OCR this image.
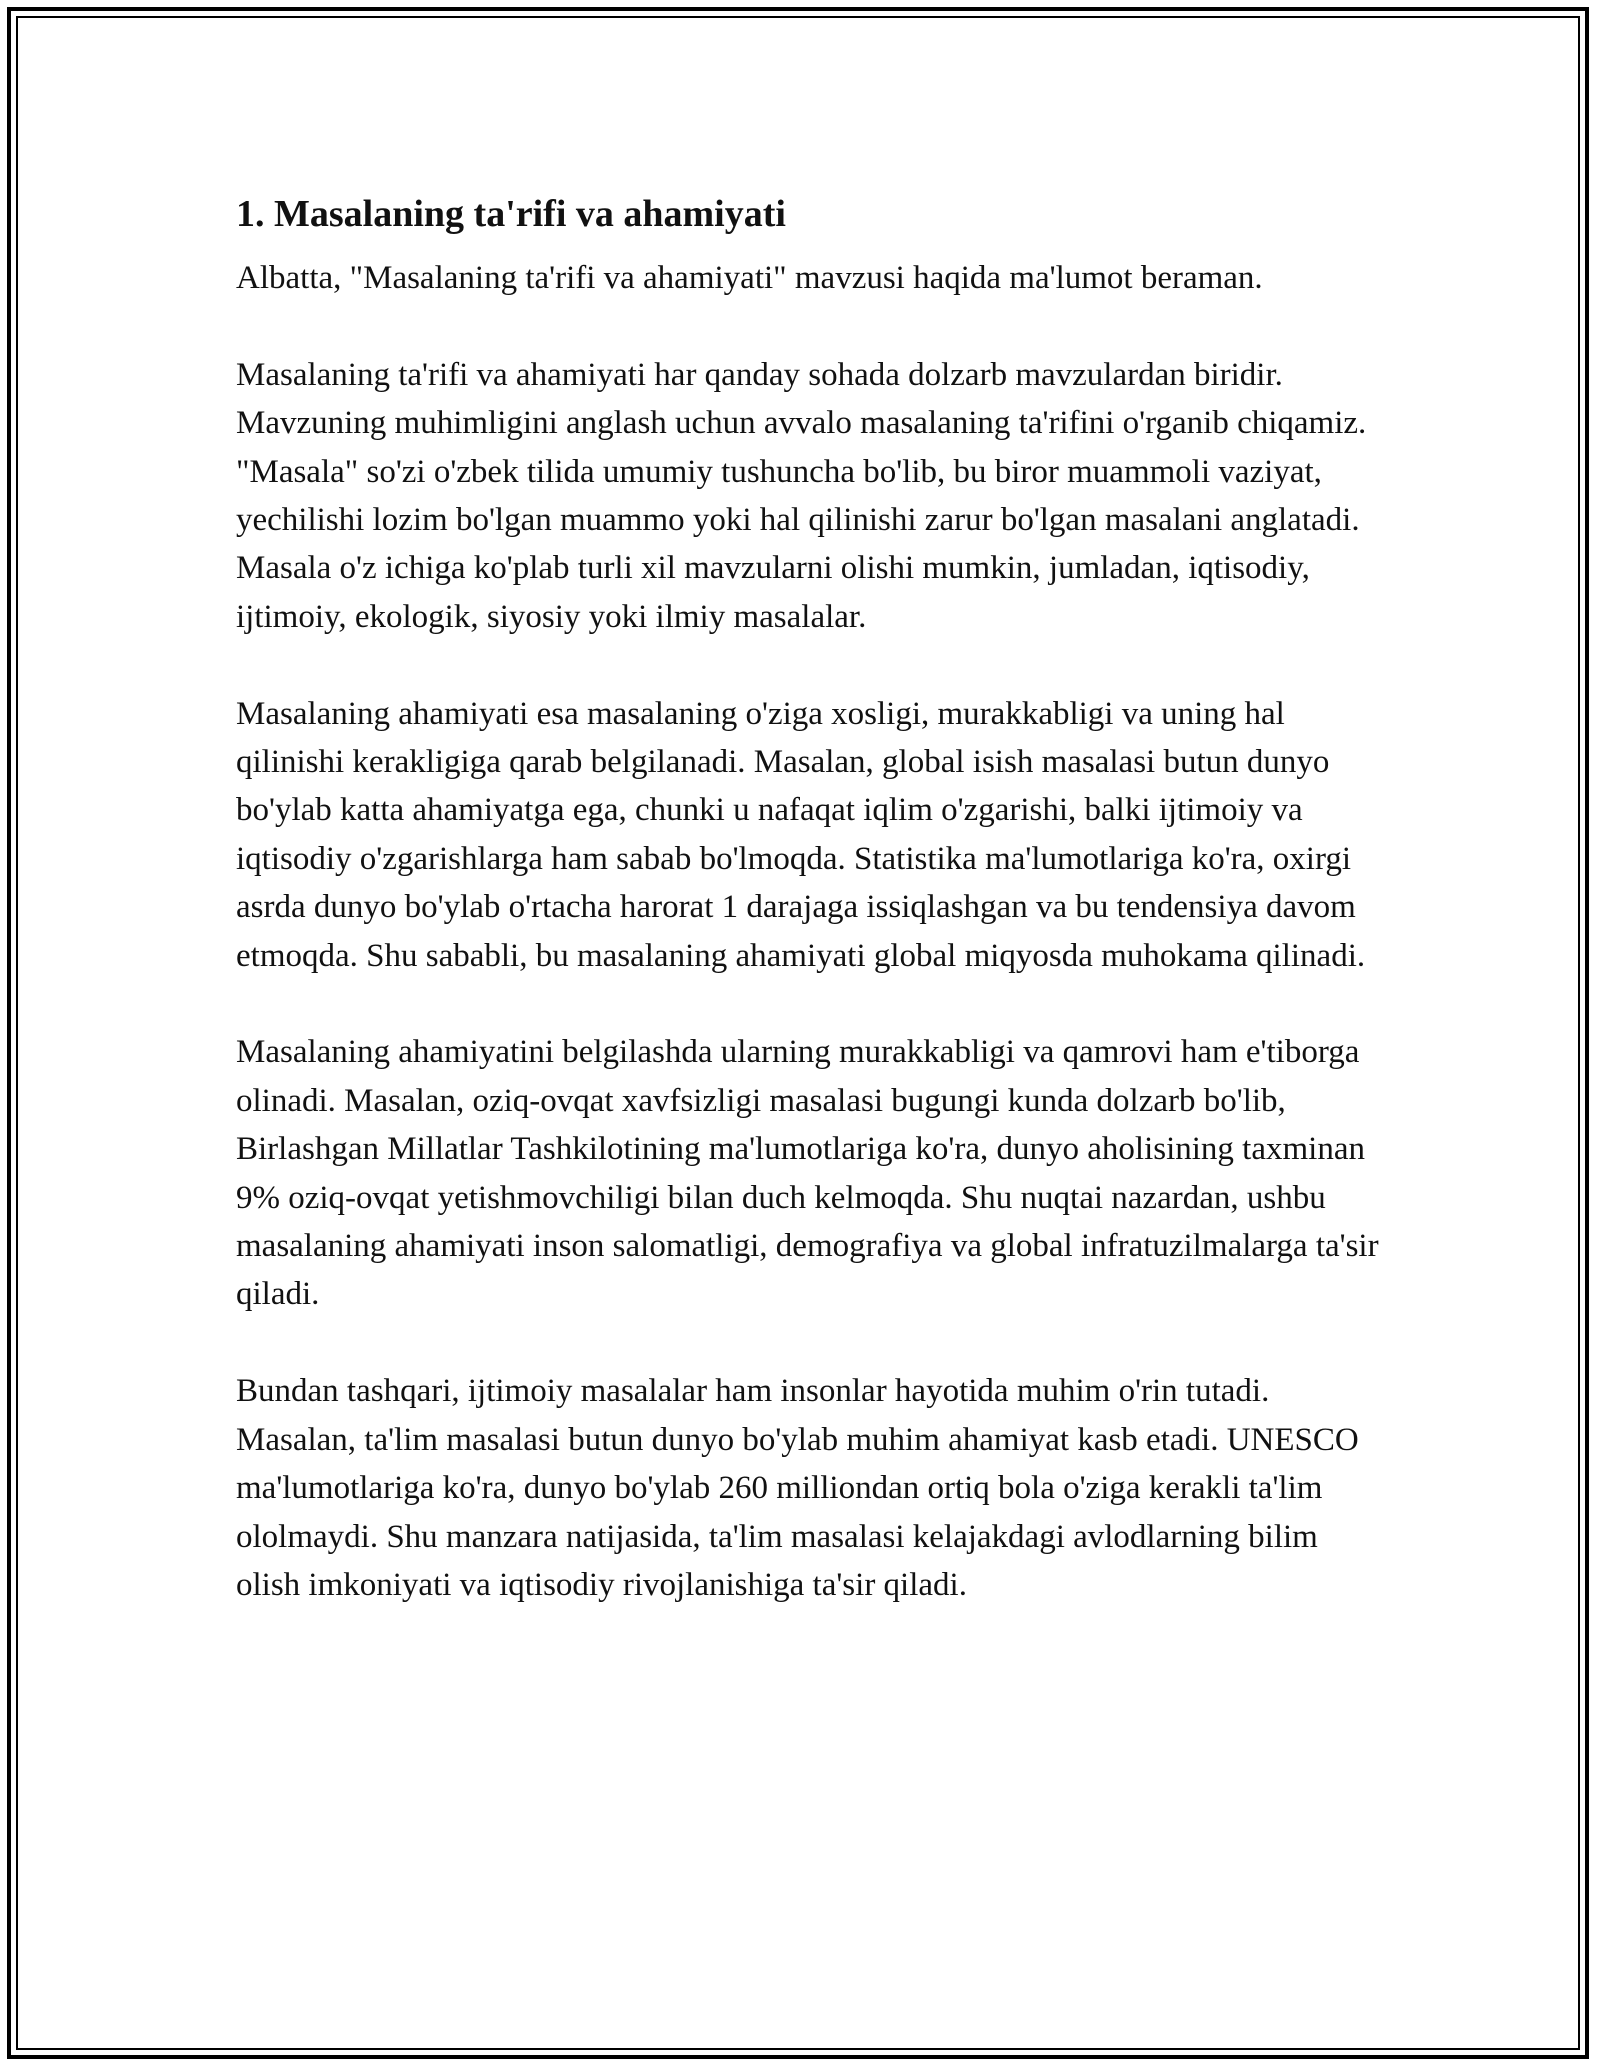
1. Masalaning ta'rifi va ahamiyati

Albatta, "Masalaning ta'rifi va ahamiyati" mavzusi haqida ma'lumot beraman.

Masalaning ta'rifi va ahamiyati har qanday sohada dolzarb mavzulardan biridir. Mavzuning muhimligini anglash uchun avvalo masalaning ta'rifini o'rganib chiqamiz. "Masala" so'zi o'zbek tilida umumiy tushuncha bo'lib, bu biror muammoli vaziyat, yechilishi lozim bo'lgan muammo yoki hal qilinishi zarur bo'lgan masalani anglatadi. Masala o'z ichiga ko'plab turli xil mavzularni olishi mumkin, jumladan, iqtisodiy, ijtimoiy, ekologik, siyosiy yoki ilmiy masalalar.

Masalaning ahamiyati esa masalaning o'ziga xosligi, murakkabligi va uning hal qilinishi kerakligiga qarab belgilanadi. Masalan, global isish masalasi butun dunyo bo'ylab katta ahamiyatga ega, chunki u nafaqat iqlim o'zgarishi, balki ijtimoiy va iqtisodiy o'zgarishlarga ham sabab bo'lmoqda. Statistika ma'lumotlariga ko'ra, oxirgi asrda dunyo bo'ylab o'rtacha harorat 1 darajaga issiqlashgan va bu tendensiya davom etmoqda. Shu sababli, bu masalaning ahamiyati global miqyosda muhokama qilinadi.

Masalaning ahamiyatini belgilashda ularning murakkabligi va qamrovi ham e'tiborga olinadi. Masalan, oziq-ovqat xavfsizligi masalasi bugungi kunda dolzarb bo'lib, Birlashgan Millatlar Tashkilotining ma'lumotlariga ko'ra, dunyo aholisining taxminan 9% oziq-ovqat yetishmovchiligi bilan duch kelmoqda. Shu nuqtai nazardan, ushbu masalaning ahamiyati inson salomatligi, demografiya va global infratuzilmalarga ta'sir qiladi.

Bundan tashqari, ijtimoiy masalalar ham insonlar hayotida muhim o'rin tutadi. Masalan, ta'lim masalasi butun dunyo bo'ylab muhim ahamiyat kasb etadi. UNESCO ma'lumotlariga ko'ra, dunyo bo'ylab 260 milliondan ortiq bola o'ziga kerakli ta'lim ololmaydi. Shu manzara natijasida, ta'lim masalasi kelajakdagi avlodlarning bilim olish imkoniyati va iqtisodiy rivojlanishiga ta'sir qiladi.
